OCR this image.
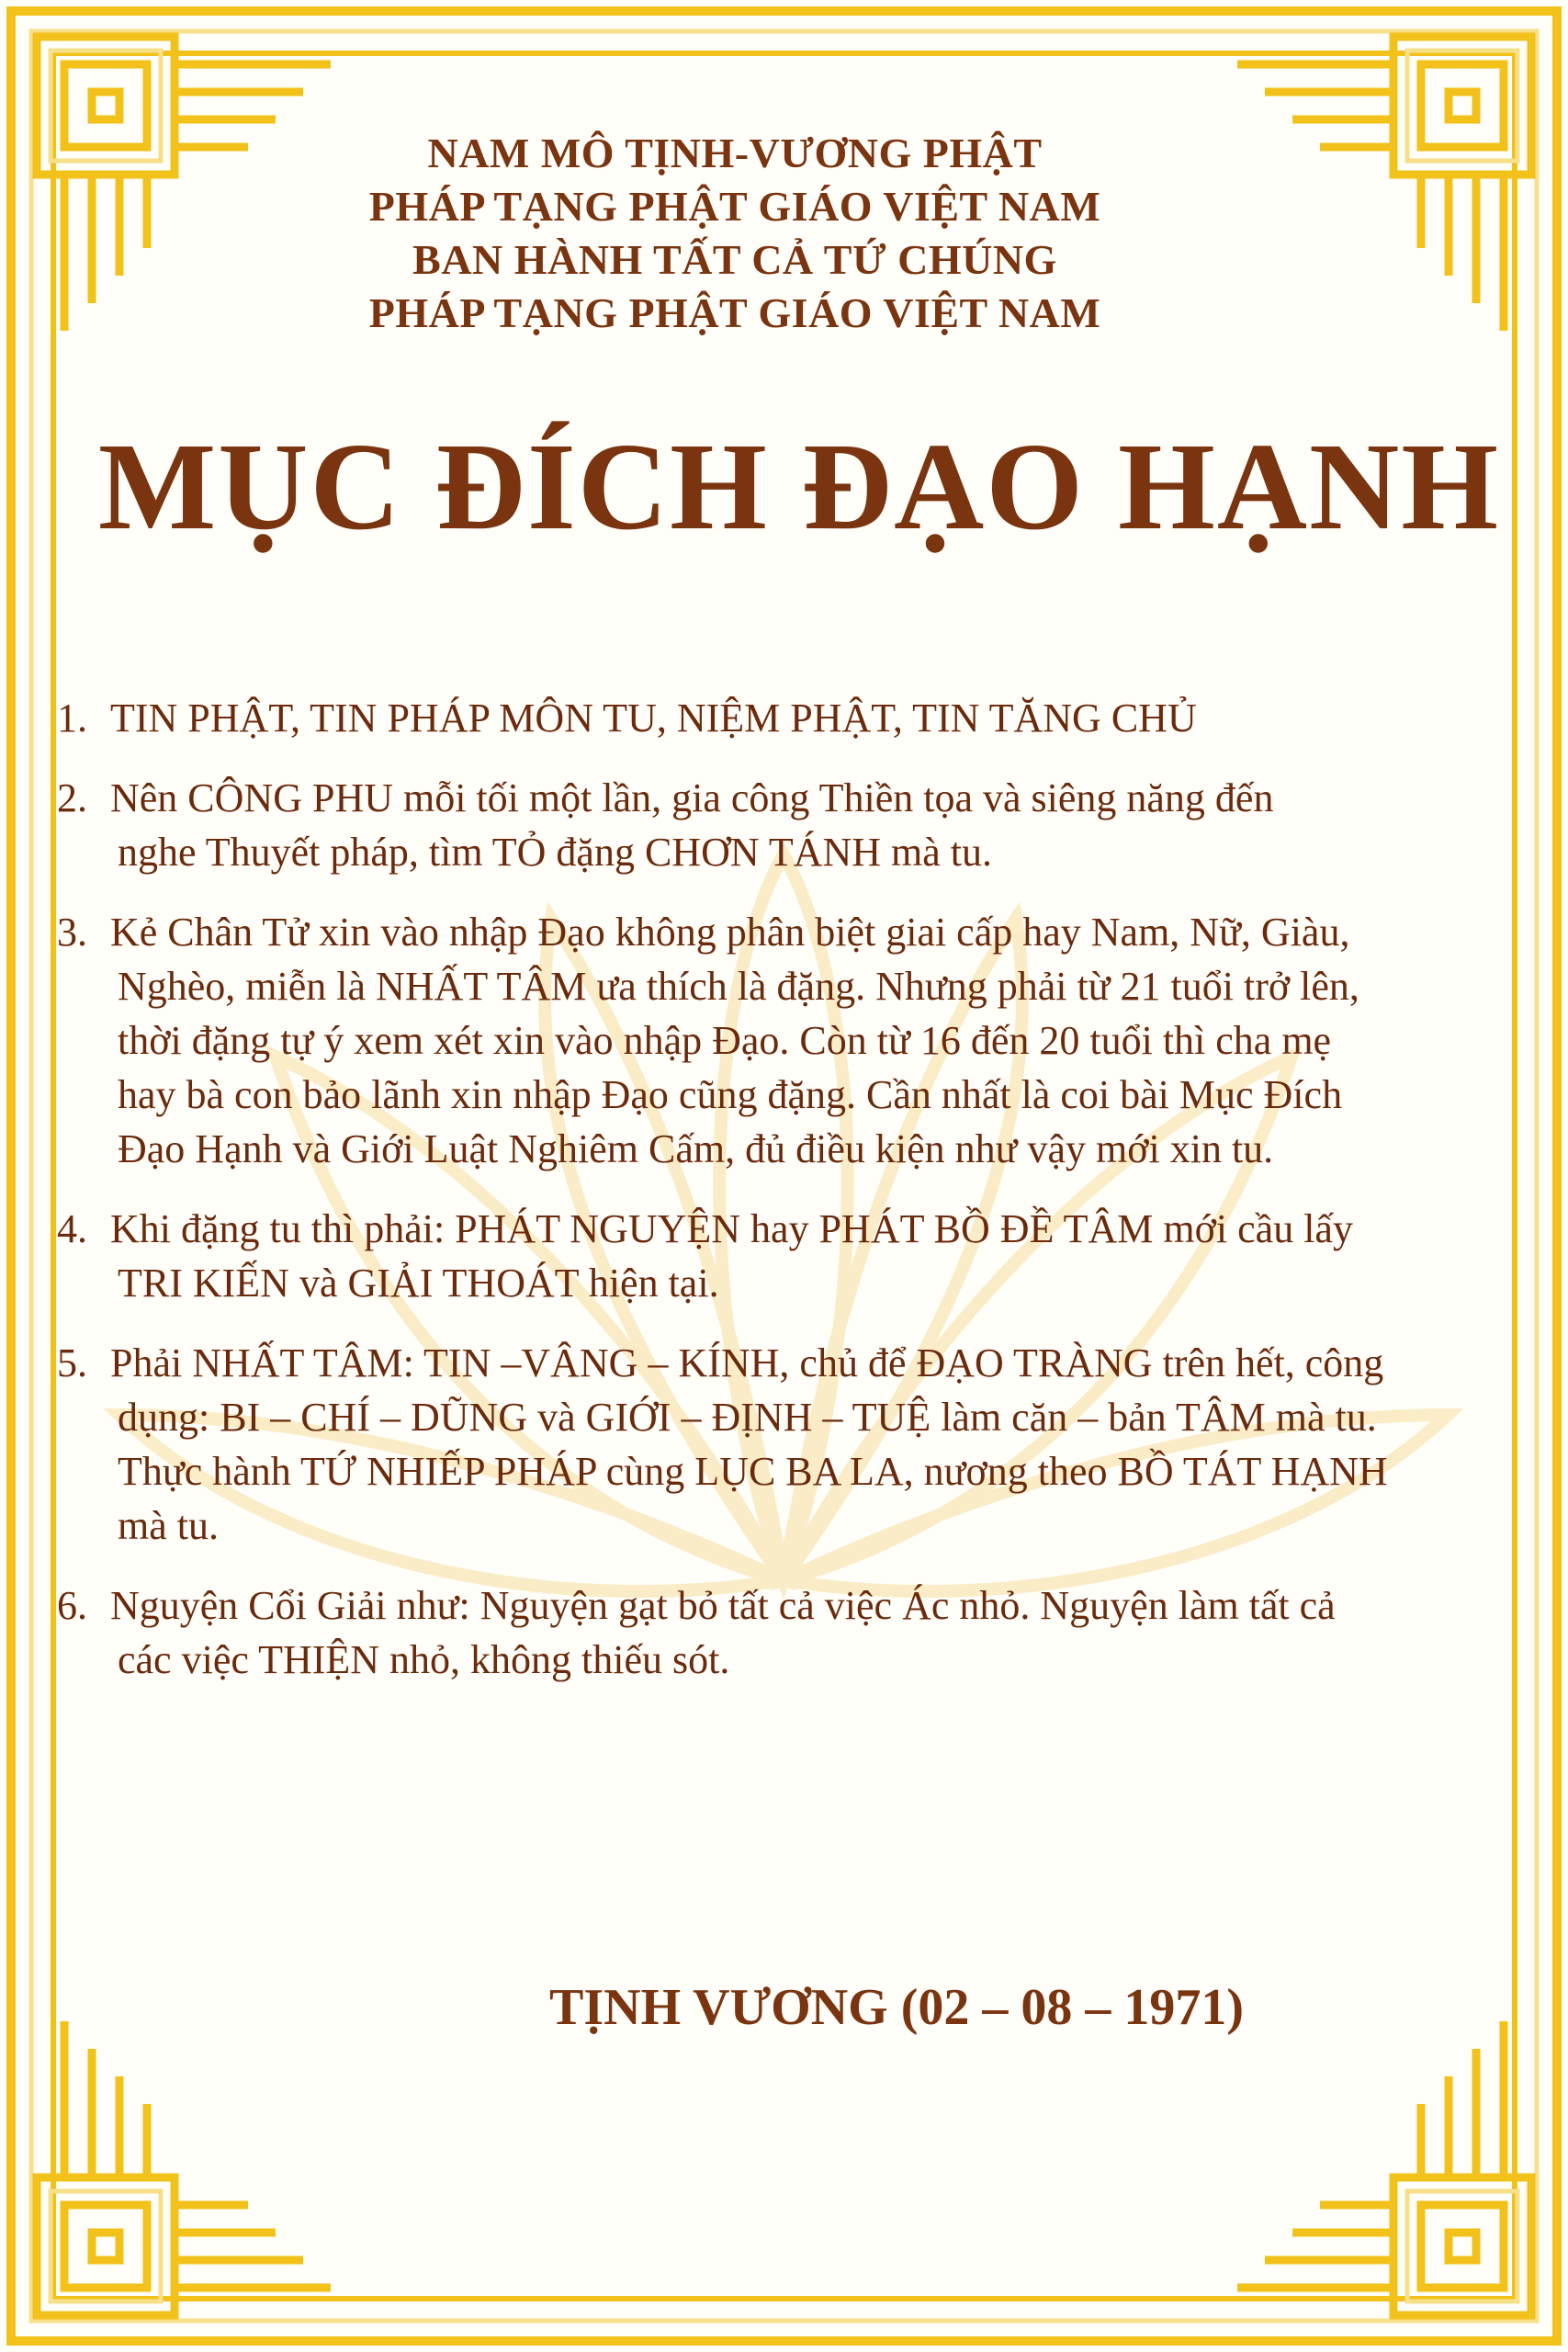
NAM MÔ TỊNH-VƯƠNG PHẬT
PHÁP TẠNG PHẬT GIÁO VIỆT NAM
BAN HÀNH TẤT CẢ TỨ CHÚNG
PHÁP TẠNG PHẬT GIÁO VIỆT NAM
MỤC ĐÍCH ĐẠO HẠNH
1. TIN PHẬT, TIN PHÁP MÔN TU, NIỆM PHẬT, TIN TĂNG CHỦ
2. Nên CÔNG PHU mỗi tối một lần, gia công Thiền tọa và siêng năng đến
nghe Thuyết pháp, tìm TỎ đặng CHƠN TÁNH mà tu.
3. Kẻ Chân Tử xin vào nhập Đạo không phân biệt giai cấp hay Nam, Nữ, Giàu,
Nghèo, miễn là NHẤT TÂM ưa thích là đặng. Nhưng phải từ 21 tuổi trở lên,
thời đặng tự ý xem xét xin vào nhập Đạo. Còn từ 16 đến 20 tuổi thì cha mẹ
hay bà con bảo lãnh xin nhập Đạo cũng đặng. Cần nhất là coi bài Mục Đích
Đạo Hạnh và Giới Luật Nghiêm Cấm, đủ điều kiện như vậy mới xin tu.
4. Khi đặng tu thì phải: PHÁT NGUYỆN hay PHÁT BỒ ĐỀ TÂM mới cầu lấy
TRI KIẾN và GIẢI THOÁT hiện tại.
5. Phải NHẤT TÂM: TIN –VÂNG – KÍNH, chủ để ĐẠO TRÀNG trên hết, công
dụng: BI – CHÍ – DŨNG và GIỚI – ĐỊNH – TUỆ làm căn – bản TÂM mà tu.
Thực hành TỨ NHIẾP PHÁP cùng LỤC BA LA, nương theo BỒ TÁT HẠNH
mà tu.
6. Nguyện Cổi Giải như: Nguyện gạt bỏ tất cả việc Ác nhỏ. Nguyện làm tất cả
các việc THIỆN nhỏ, không thiếu sót.
TỊNH VƯƠNG (02 – 08 – 1971)
